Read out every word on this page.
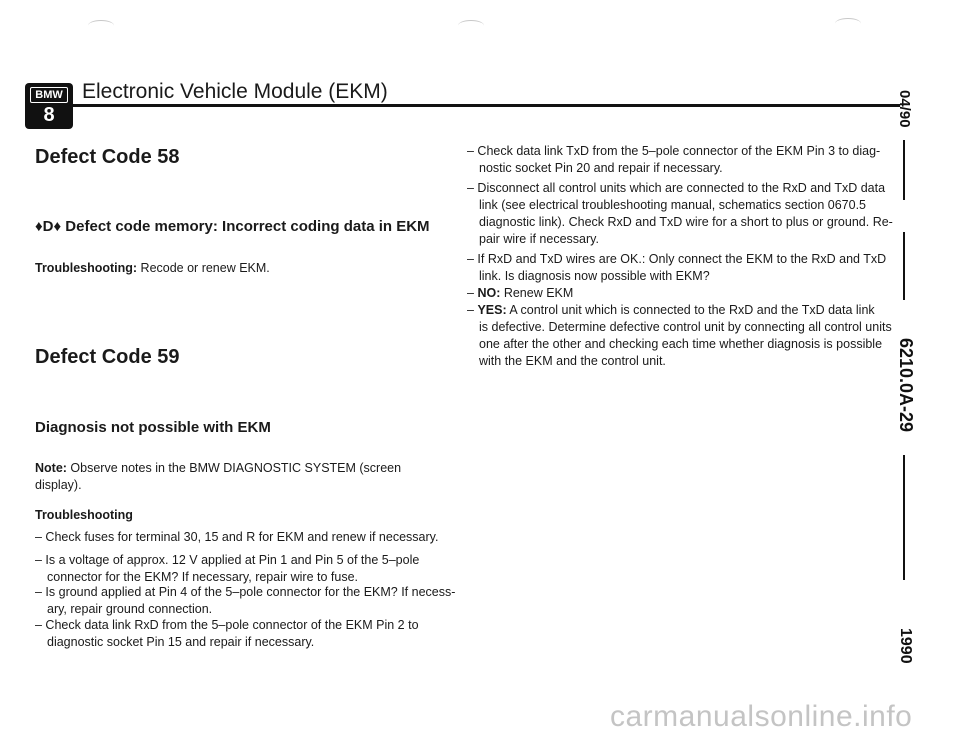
BMW
8
Electronic Vehicle Module (EKM)	04/90
6210.0A-29
1990
Defect Code 58
♦D♦ Defect code memory: Incorrect coding data in EKM
Troubleshooting: Recode or renew EKM.
Defect Code 59
Diagnosis not possible with EKM
Note: Observe notes in the BMW DIAGNOSTIC SYSTEM (screen
display).
Troubleshooting
– Check fuses for terminal 30, 15 and R for EKM and renew if necessary.
– Is a voltage of approx. 12 V applied at Pin 1 and Pin 5 of the 5–pole
connector for the EKM? If necessary, repair wire to fuse.
– Is ground applied at Pin 4 of the 5–pole connector for the EKM? If necess-
ary, repair ground connection.
– Check data link RxD from the 5–pole connector of the EKM Pin 2 to
diagnostic socket Pin 15 and repair if necessary.
– Check data link TxD from the 5–pole connector of the EKM Pin 3 to diag-
nostic socket Pin 20 and repair if necessary.
– Disconnect all control units which are connected to the RxD and TxD data
link (see electrical troubleshooting manual, schematics section 0670.5
diagnostic link). Check RxD and TxD wire for a short to plus or ground. Re-
pair wire if necessary.
– If RxD and TxD wires are OK.: Only connect the EKM to the RxD and TxD
link. Is diagnosis now possible with EKM?
– NO: Renew EKM
– YES: A control unit which is connected to the RxD and the TxD data link
is defective. Determine defective control unit by connecting all control units
one after the other and checking each time whether diagnosis is possible
with the EKM and the control unit.
carmanualsonline.info
